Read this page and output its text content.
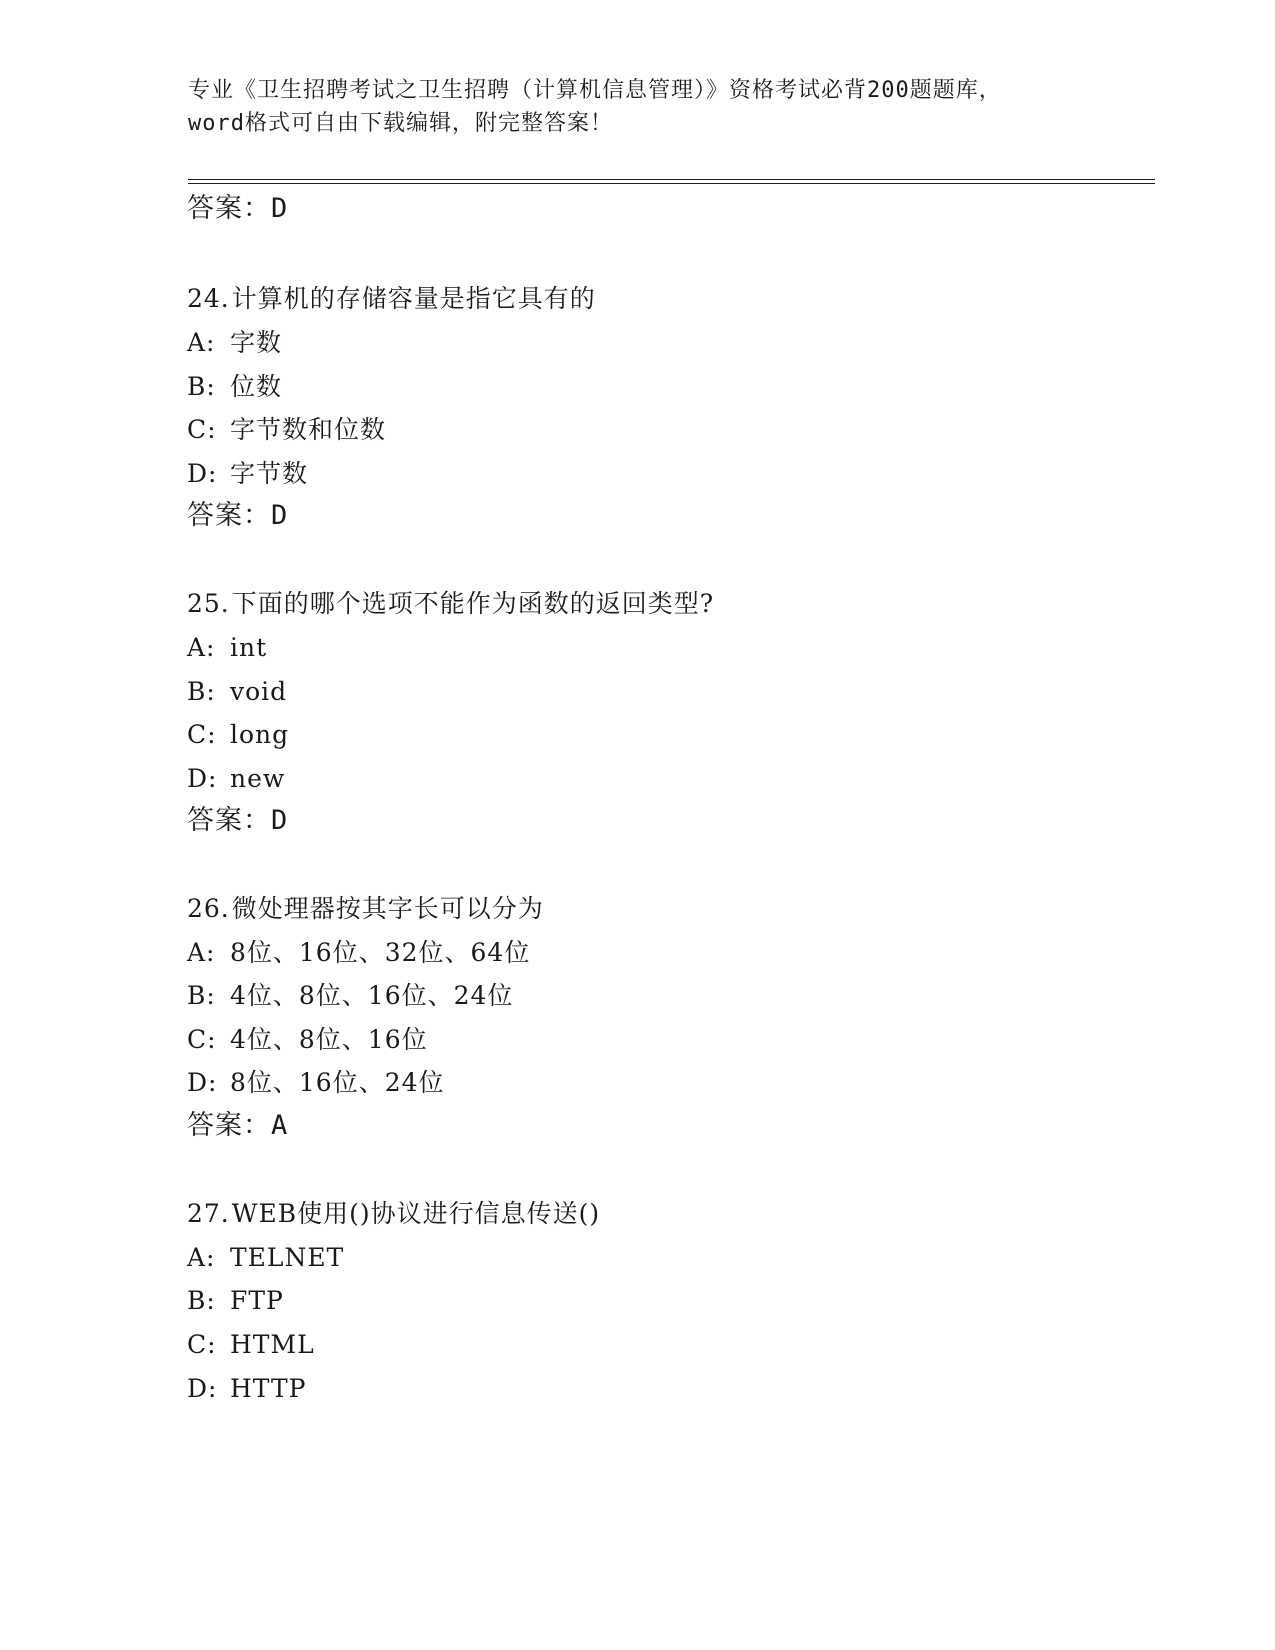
专业《卫生招聘考试之卫生招聘（计算机信息管理）》资格考试必背200题题库，
word格式可自由下载编辑，附完整答案！
答案：D
24.计算机的存储容量是指它具有的
A: 字数
B: 位数
C: 字节数和位数
D: 字节数
答案：D
25.下面的哪个选项不能作为函数的返回类型?
A: int
B: void
C: long
D: new
答案：D
26.微处理器按其字长可以分为
A: 8位、16位、32位、64位
B: 4位、8位、16位、24位
C: 4位、8位、16位
D: 8位、16位、24位
答案：A
27.WEB使用()协议进行信息传送()
A: TELNET
B: FTP
C: HTML
D: HTTP
